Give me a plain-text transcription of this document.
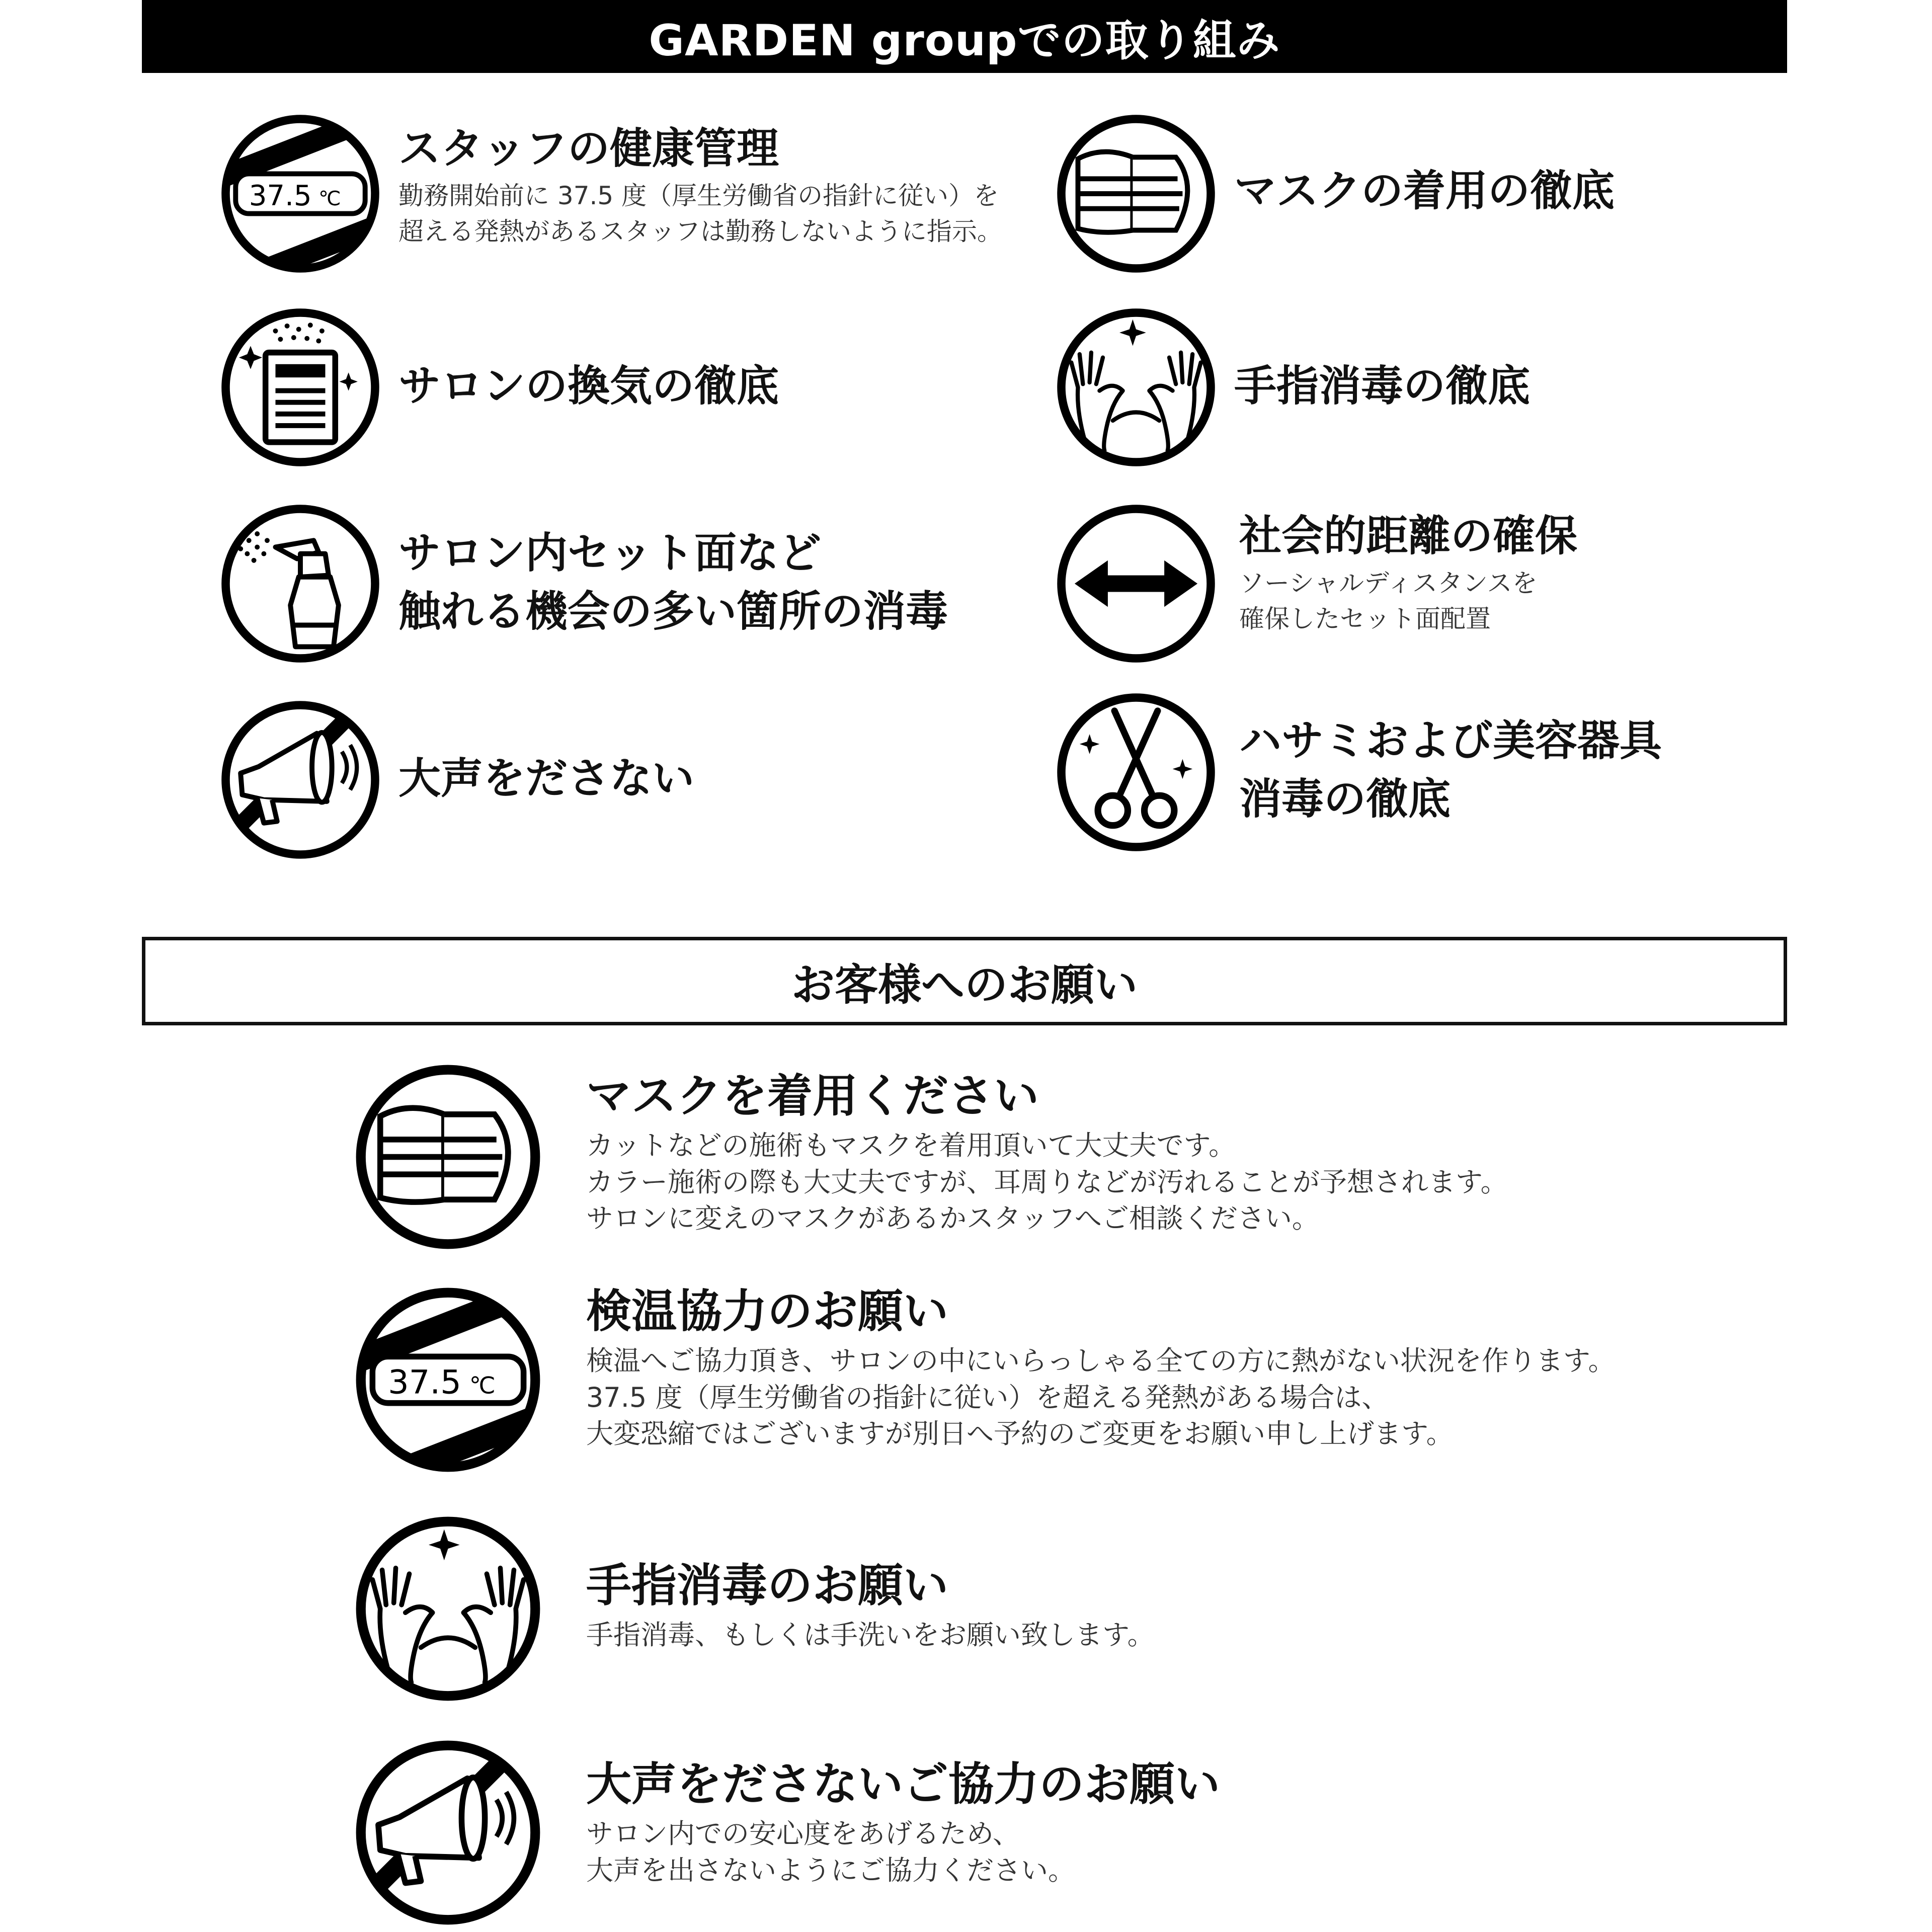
GARDEN groupでの取り組み
37.5 ℃
スタッフの健康管理
勤務開始前に 37.5 度（厚生労働省の指針に従い）を
超える発熱があるスタッフは勤務しないように指示。
マスクの着用の徹底
サロンの換気の徹底	手指消毒の徹底
サロン内セット面など
触れる機会の多い箇所の消毒
社会的距離の確保
ソーシャルディスタンスを
確保したセット面配置
大声をださない
ハサミおよび美容器具
消毒の徹底
お客様へのお願い
マスクを着用ください
カットなどの施術もマスクを着用頂いて大丈夫です。
カラー施術の際も大丈夫ですが、耳周りなどが汚れることが予想されます。
サロンに変えのマスクがあるかスタッフへご相談ください。
37.5 ℃
検温協力のお願い
検温へご協力頂き、サロンの中にいらっしゃる全ての方に熱がない状況を作ります。
37.5 度（厚生労働省の指針に従い）を超える発熱がある場合は、
大変恐縮ではございますが別日へ予約のご変更をお願い申し上げます。
手指消毒のお願い
手指消毒、もしくは手洗いをお願い致します。
大声をださないご協力のお願い
サロン内での安心度をあげるため、
大声を出さないようにご協力ください。
